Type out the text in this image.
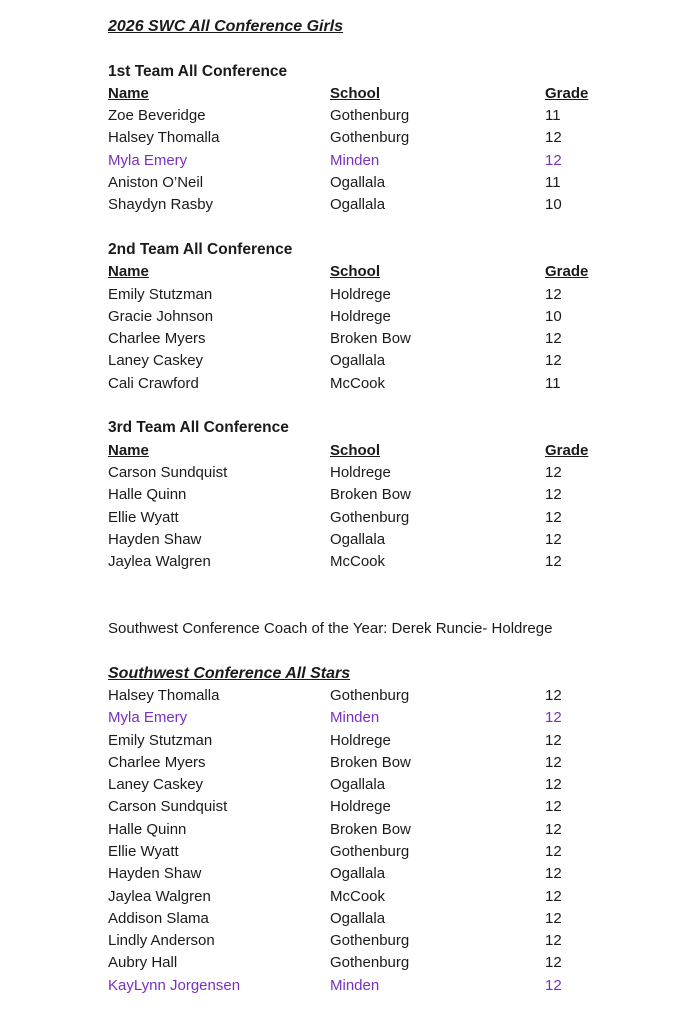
2026 SWC All Conference Girls
1st Team All Conference
Name	School	Grade
Zoe Beveridge	Gothenburg	11
Halsey Thomalla	Gothenburg	12
Myla Emery	Minden	12
Aniston O’Neil	Ogallala	11
Shaydyn Rasby	Ogallala	10
2nd Team All Conference
Name	School	Grade
Emily Stutzman	Holdrege	12
Gracie Johnson	Holdrege	10
Charlee Myers	Broken Bow	12
Laney Caskey	Ogallala	12
Cali Crawford	McCook	11
3rd Team All Conference
Name	School	Grade
Carson Sundquist	Holdrege	12
Halle Quinn	Broken Bow	12
Ellie Wyatt	Gothenburg	12
Hayden Shaw	Ogallala	12
Jaylea Walgren	McCook	12
Southwest Conference Coach of the Year: Derek Runcie- Holdrege
Southwest Conference All Stars
Halsey Thomalla	Gothenburg	12
Myla Emery	Minden	12
Emily Stutzman	Holdrege	12
Charlee Myers	Broken Bow	12
Laney Caskey	Ogallala	12
Carson Sundquist	Holdrege	12
Halle Quinn	Broken Bow	12
Ellie Wyatt	Gothenburg	12
Hayden Shaw	Ogallala	12
Jaylea Walgren	McCook	12
Addison Slama	Ogallala	12
Lindly Anderson	Gothenburg	12
Aubry Hall	Gothenburg	12
KayLynn Jorgensen	Minden	12
